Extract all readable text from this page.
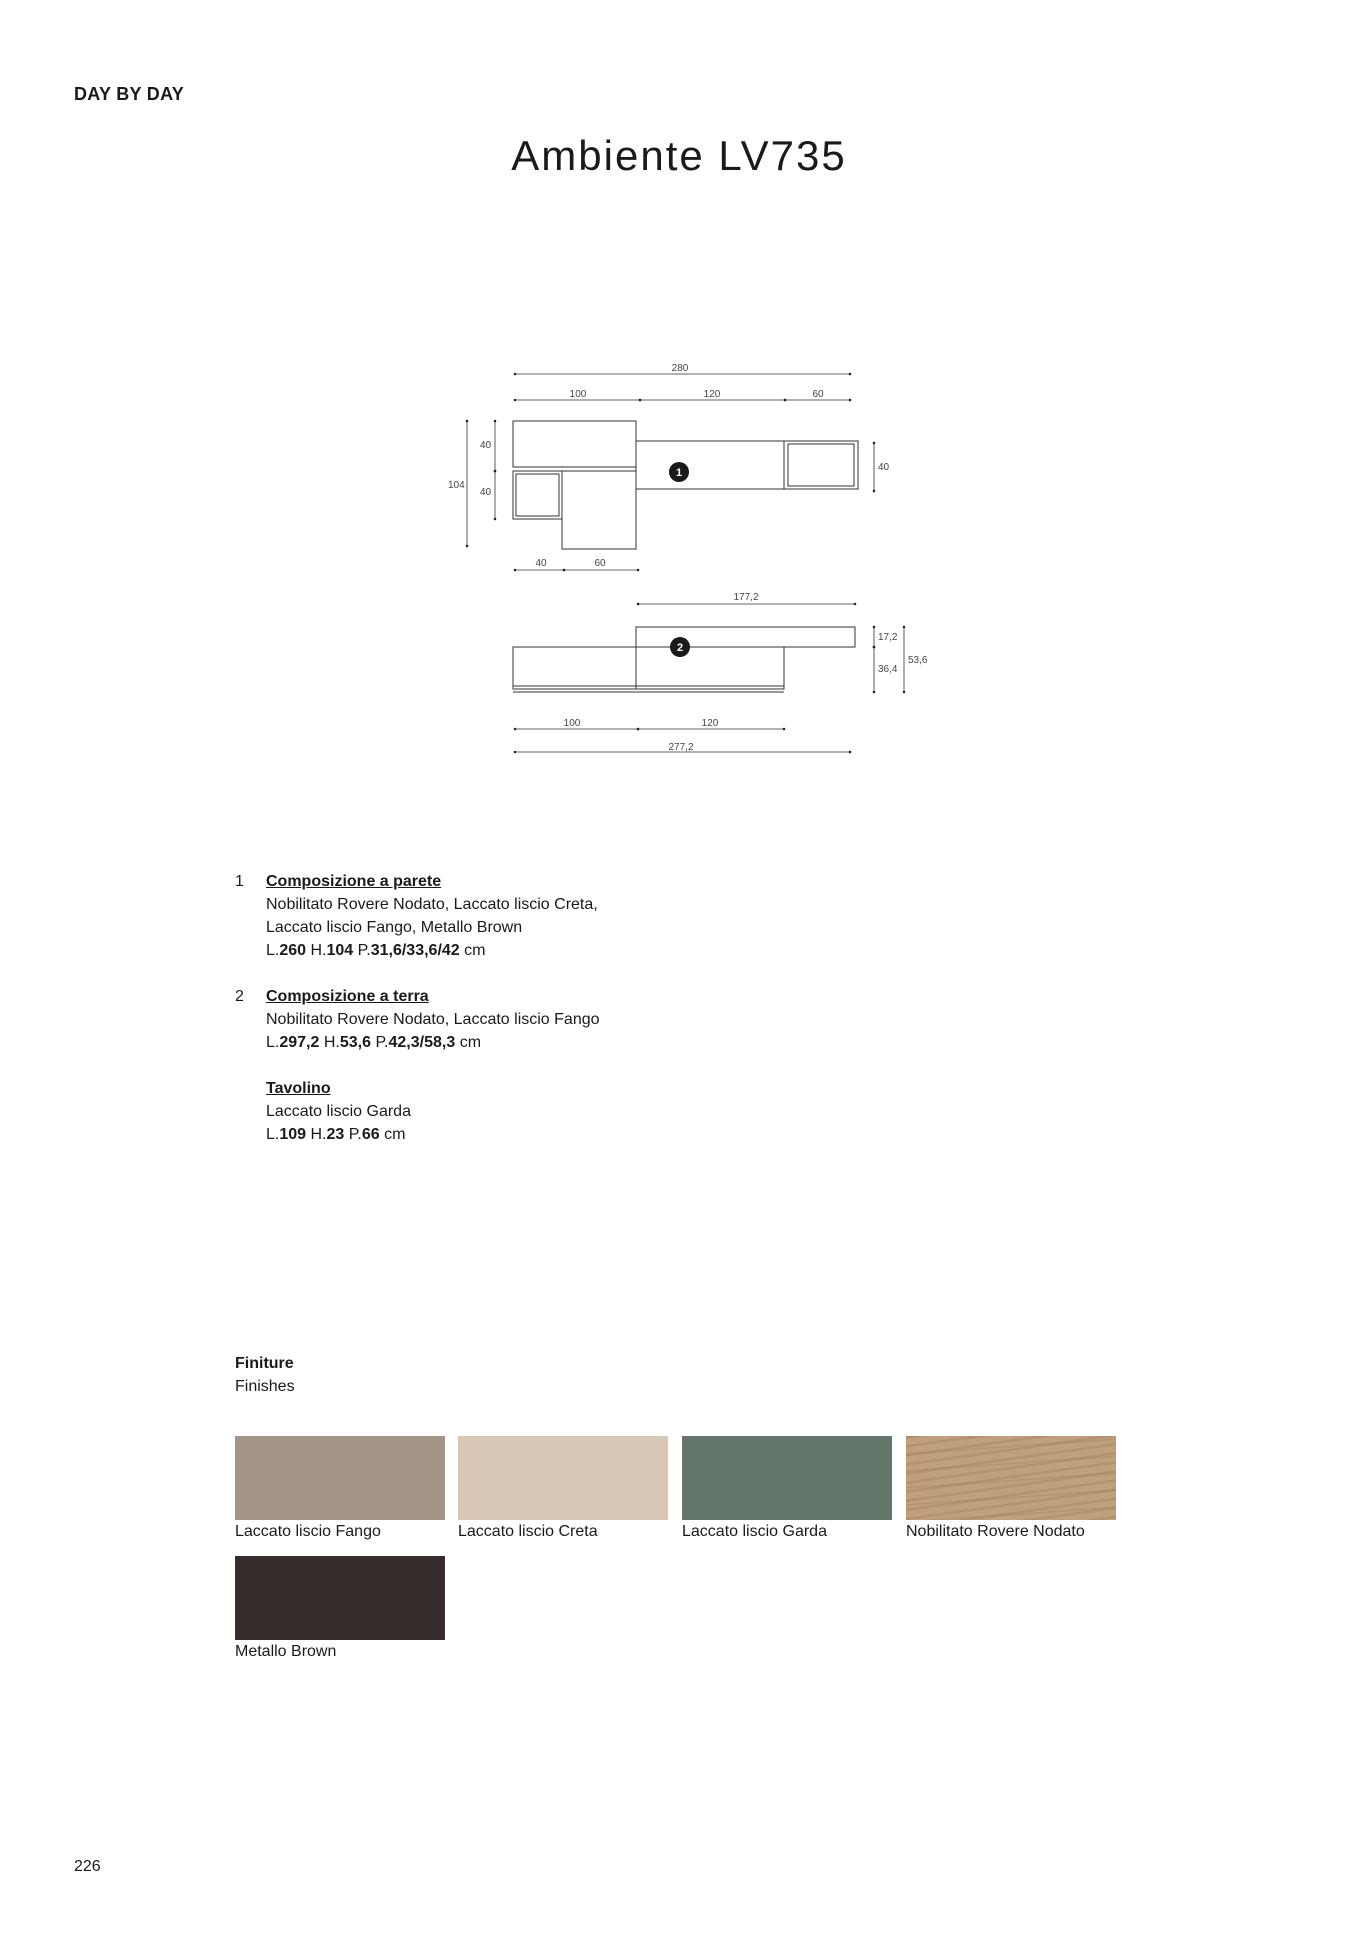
DAY BY DAY
Ambiente LV735
280
100	120	60
104
40
40
40
40	60
177,2
17,2
36,4
53,6
100	120
277,2
1
2
1 Composizione a parete
Nobilitato Rovere Nodato, Laccato liscio Creta,
Laccato liscio Fango, Metallo Brown
L.260 H.104 P.31,6/33,6/42 cm
2 Composizione a terra
Nobilitato Rovere Nodato, Laccato liscio Fango
L.297,2 H.53,6 P.42,3/58,3 cm
Tavolino
Laccato liscio Garda
L.109 H.23 P.66 cm
Finiture
Finishes
Laccato liscio Fango	Laccato liscio Creta	Laccato liscio Garda	Nobilitato Rovere Nodato
Metallo Brown
226
